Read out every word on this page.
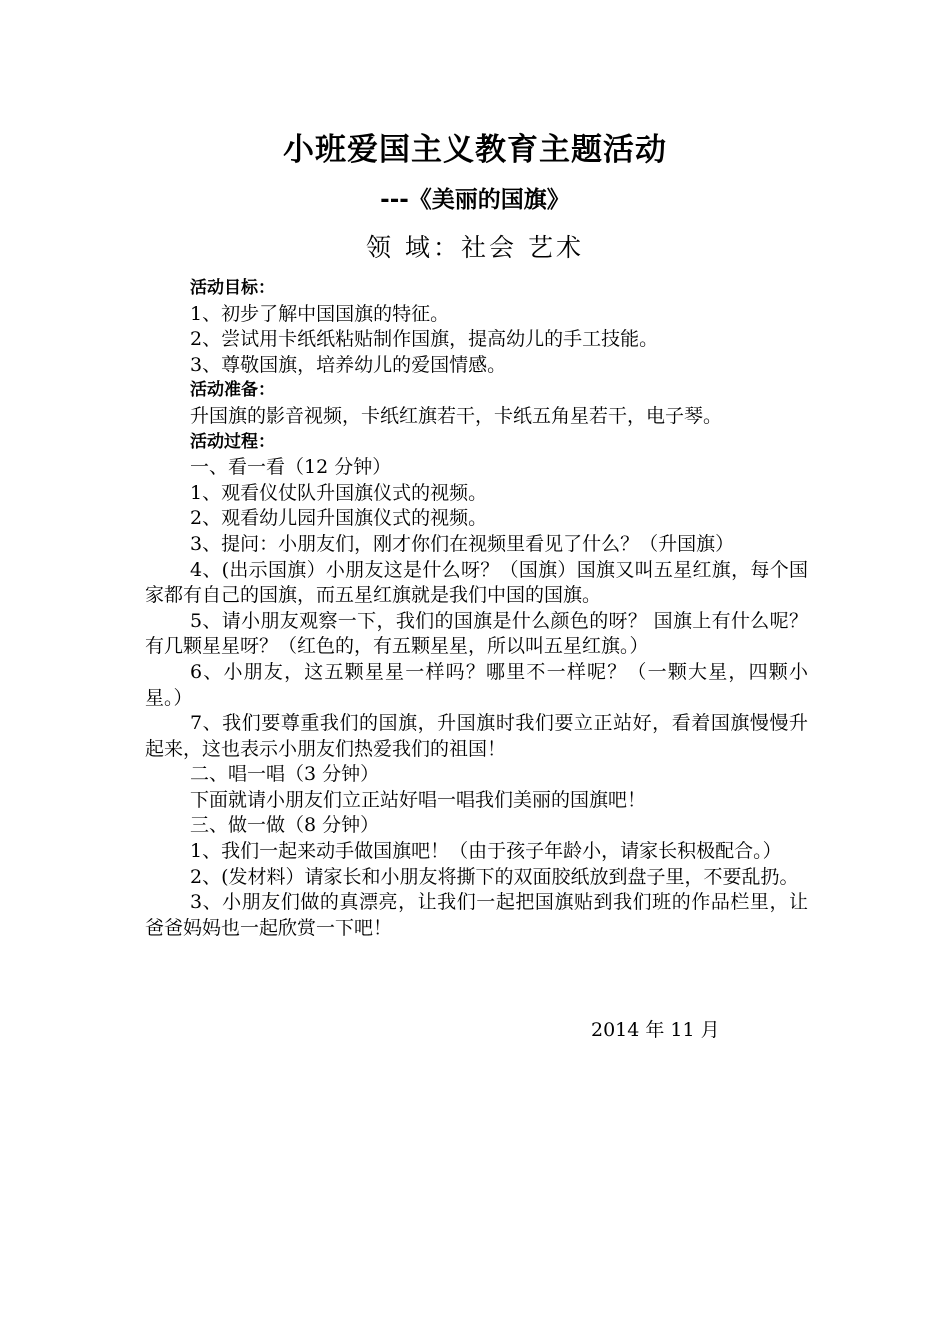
小班爱国主义教育主题活动
---《美丽的国旗》
领 域：社会 艺术

活动目标：

1、初步了解中国国旗的特征。

2、尝试用卡纸纸粘贴制作国旗，提高幼儿的手工技能。

3、尊敬国旗，培养幼儿的爱国情感。

活动准备：

升国旗的影音视频，卡纸红旗若干，卡纸五角星若干，电子琴。

活动过程：

一、看一看（12 分钟）

1、观看仪仗队升国旗仪式的视频。

2、观看幼儿园升国旗仪式的视频。

3、提问：小朋友们，刚才你们在视频里看见了什么？（升国旗）

4、(出示国旗）小朋友这是什么呀？（国旗）国旗又叫五星红旗，每个国家都有自己的国旗，而五星红旗就是我们中国的国旗。

5、请小朋友观察一下，我们的国旗是什么颜色的呀？ 国旗上有什么呢？有几颗星星呀？（红色的，有五颗星星，所以叫五星红旗。）

6、小朋友，这五颗星星一样吗？哪里不一样呢？（一颗大星，四颗小星。）

7、我们要尊重我们的国旗，升国旗时我们要立正站好，看着国旗慢慢升起来，这也表示小朋友们热爱我们的祖国！

二、唱一唱（3 分钟）

下面就请小朋友们立正站好唱一唱我们美丽的国旗吧！

三、做一做（8 分钟）

1、我们一起来动手做国旗吧！（由于孩子年龄小，请家长积极配合。）

2、(发材料）请家长和小朋友将撕下的双面胶纸放到盘子里，不要乱扔。

3、小朋友们做的真漂亮，让我们一起把国旗贴到我们班的作品栏里，让爸爸妈妈也一起欣赏一下吧！

2014 年 11 月
